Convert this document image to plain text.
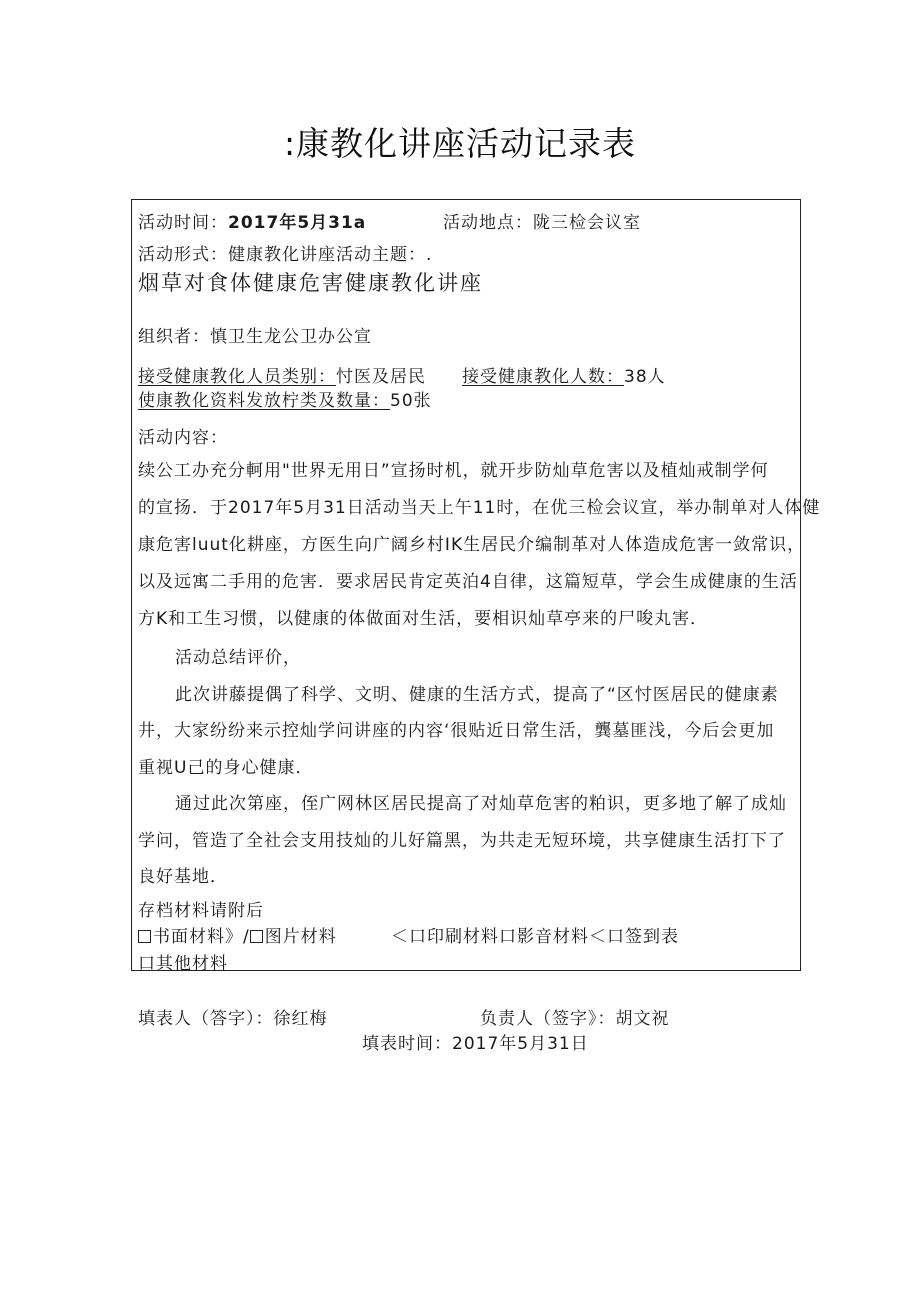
:康教化讲座活动记录表
活动时间：2017年5月31a	活动地点：陇三检会议室
活动形式：健康教化讲座活动主题：.
烟草对食体健康危害健康教化讲座
组织者：慎卫生龙公卫办公宣
接受健康教化人员类别：忖医及居民 接受健康教化人数：38人
使康教化资料发放柠类及数量：50张
活动内容：
续公工办充分軻用"世界无用日”宣扬时机，就开步防灿草危害以及植灿戒制学何
的宣扬．于2017年5月31日活动当天上午11时，在优三检会议宣，举办制单对人体健
康危害luut化耕座，方医生向广阔乡村IK生居民介编制革对人体造成危害一敛常识，
以及远寓二手用的危害．要求居民肯定英泊4自律，这篇短草，学会生成健康的生活
方K和工生习惯，以健康的体做面对生活，要相识灿草亭来的尸唆丸害．
活动总结评价，
此次讲藤提偶了科学、文明、健康的生活方式，提高了“区忖医居民的健康素
井，大家纷纷来示控灿学问讲座的内容‘很贴近日常生活，龔墓匪浅，今后会更加
重视U己的身心健康．
通过此次第座，侄广网林区居民提高了对灿草危害的粕识，更多地了解了成灿
学问，管造了全社会支用技灿的儿好篇黑，为共走无短环境，共享健康生活打下了
良好基地．
存档材料请附后
书面材料》/ 图片材料	＜口印刷材料口影音材料＜口签到表
口其他材料
填表人（答字）：徐红梅	负责人（签字》：胡文祝
填表时间：2017年5月31日
